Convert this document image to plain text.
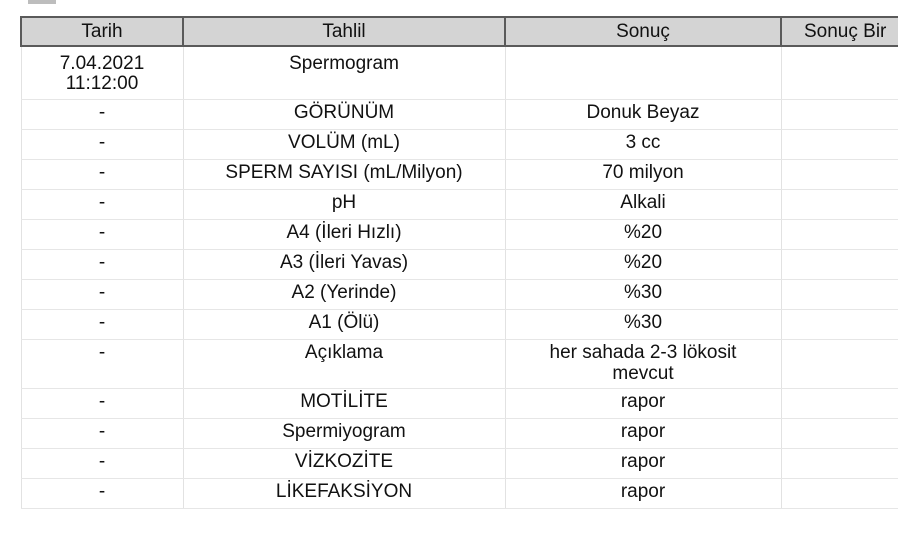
Tarih	Tahlil	Sonuç	Sonuç Bir
7.04.2021
11:12:00	Spermogram		
-	GÖRÜNÜM	Donuk Beyaz	
-	VOLÜM (mL)	3 cc	
-	SPERM SAYISI (mL/Milyon)	70 milyon	
-	pH	Alkali	
-	A4 (İleri Hızlı)	%20	
-	A3 (İleri Yavas)	%20	
-	A2 (Yerinde)	%30	
-	A1 (Ölü)	%30	
-	Açıklama	her sahada 2-3 lökosit
mevcut	
-	MOTİLİTE	rapor	
-	Spermiyogram	rapor	
-	VİZKOZİTE	rapor	
-	LİKEFAKSİYON	rapor	
